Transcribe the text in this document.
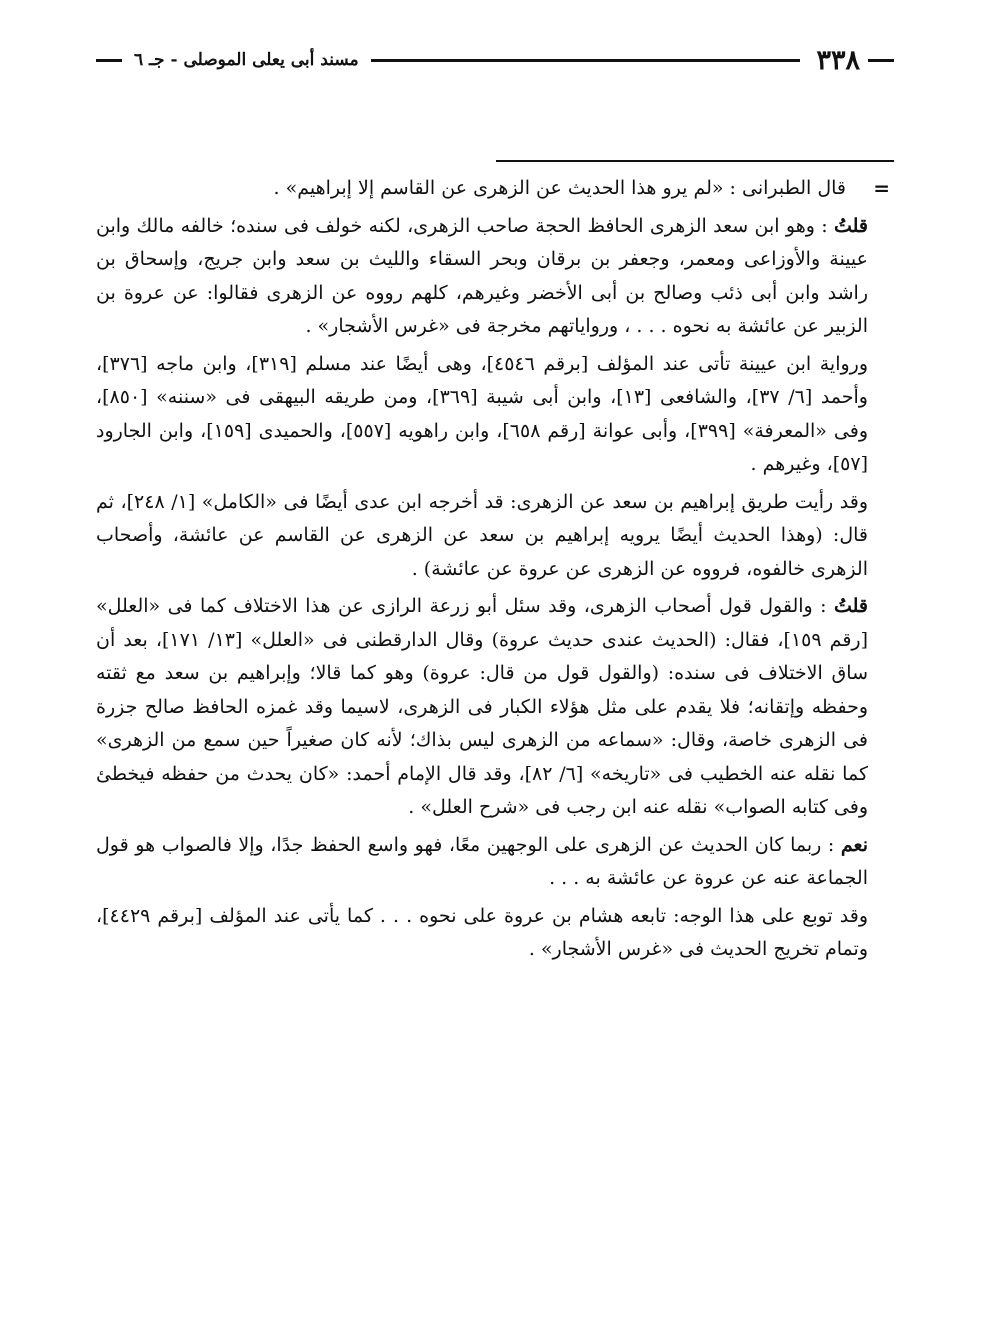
٣٣٨
مسند أبى يعلى الموصلى - جـ ٦
=

قال الطبرانى : «لم يرو هذا الحديث عن الزهرى عن القاسم إلا إبراهيم» .

قلتُ : وهو ابن سعد الزهرى الحافظ الحجة صاحب الزهرى، لكنه خولف فى سنده؛ خالفه مالك وابن عيينة والأوزاعى ومعمر، وجعفر بن برقان وبحر السقاء والليث بن سعد وابن جريج، وإسحاق بن راشد وابن أبى ذئب وصالح بن أبى الأخضر وغيرهم، كلهم رووه عن الزهرى فقالوا: عن عروة بن الزبير عن عائشة به نحوه . . . ، ورواياتهم مخرجة فى «غرس الأشجار» .

ورواية ابن عيينة تأتى عند المؤلف [برقم ٤٥٤٦]، وهى أيضًا عند مسلم [٣١٩]، وابن ماجه [٣٧٦]، وأحمد [٦/ ٣٧]، والشافعى [١٣]، وابن أبى شيبة [٣٦٩]، ومن طريقه البيهقى فى «سننه» [٨٥٠]، وفى «المعرفة» [٣٩٩]، وأبى عوانة [رقم ٦٥٨]، وابن راهويه [٥٥٧]، والحميدى [١٥٩]، وابن الجارود [٥٧]، وغيرهم .

وقد رأيت طريق إبراهيم بن سعد عن الزهرى: قد أخرجه ابن عدى أيضًا فى «الكامل» [١/ ٢٤٨]، ثم قال: (وهذا الحديث أيضًا يرويه إبراهيم بن سعد عن الزهرى عن القاسم عن عائشة، وأصحاب الزهرى خالفوه، فرووه عن الزهرى عن عروة عن عائشة) .

قلتُ : والقول قول أصحاب الزهرى، وقد سئل أبو زرعة الرازى عن هذا الاختلاف كما فى «العلل» [رقم ١٥٩]، فقال: (الحديث عندى حديث عروة) وقال الدارقطنى فى «العلل» [١٣/ ١٧١]، بعد أن ساق الاختلاف فى سنده: (والقول قول من قال: عروة) وهو كما قالا؛ وإبراهيم بن سعد مع ثقته وحفظه وإتقانه؛ فلا يقدم على مثل هؤلاء الكبار فى الزهرى، لاسيما وقد غمزه الحافظ صالح جزرة فى الزهرى خاصة، وقال: «سماعه من الزهرى ليس بذاك؛ لأنه كان صغيراً حين سمع من الزهرى» كما نقله عنه الخطيب فى «تاريخه» [٦/ ٨٢]، وقد قال الإمام أحمد: «كان يحدث من حفظه فيخطئ وفى كتابه الصواب» نقله عنه ابن رجب فى «شرح العلل» .

نعم : ربما كان الحديث عن الزهرى على الوجهين معًا، فهو واسع الحفظ جدًا، وإلا فالصواب هو قول الجماعة عنه عن عروة عن عائشة به . . .

وقد توبع على هذا الوجه: تابعه هشام بن عروة على نحوه . . . كما يأتى عند المؤلف [برقم ٤٤٢٩]، وتمام تخريج الحديث فى «غرس الأشجار» .
